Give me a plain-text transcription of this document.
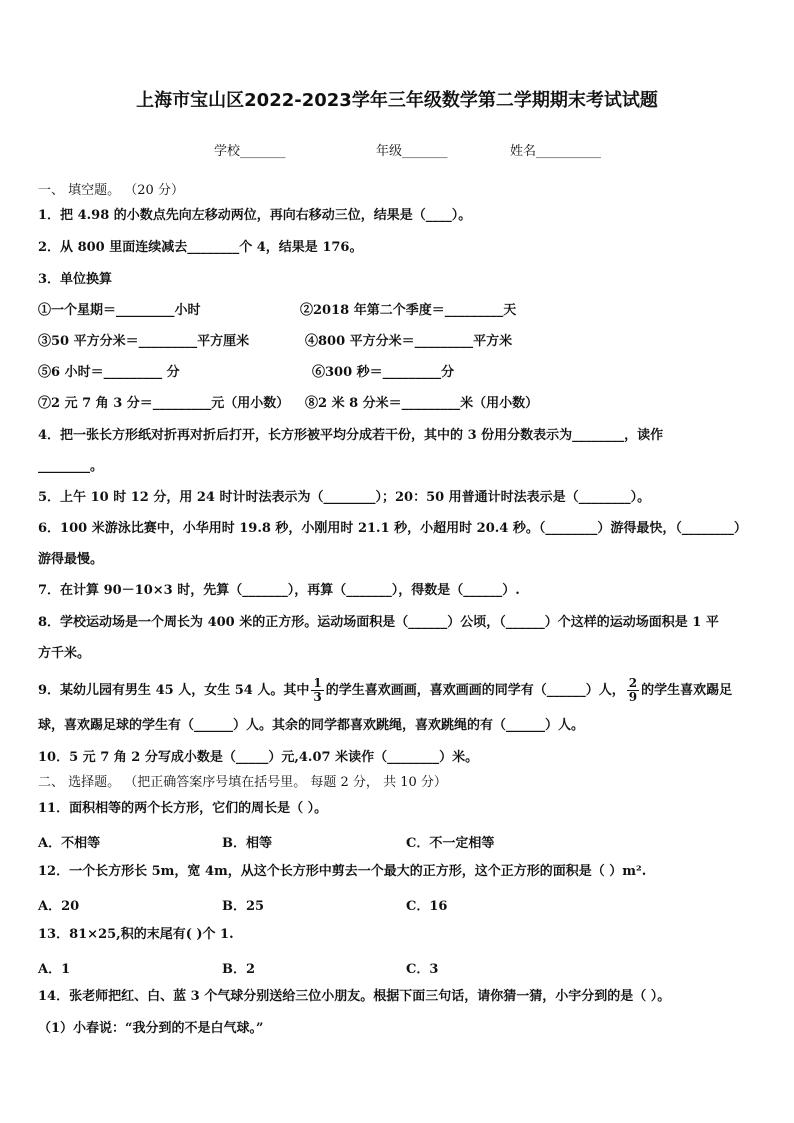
上海市宝山区2022-2023学年三年级数学第二学期期末考试试题
学校_______	年级_______	姓名__________
一、 填空题。 （20 分）
1．把 4.98 的小数点先向左移动两位，再向右移动三位，结果是（____）。
2．从 800 里面连续减去________个 4，结果是 176。
3．单位换算
①一个星期＝_________小时	②2018 年第二个季度＝_________天
③50 平方分米＝_________平方厘米	④800 平方分米＝_________平方米
⑤6 小时＝_________ 分	⑥300 秒＝_________分
⑦2 元 7 角 3 分＝_________元（用小数） ⑧2 米 8 分米＝_________米（用小数）
4．把一张长方形纸对折再对折后打开，长方形被平均分成若干份，其中的 3 份用分数表示为________，读作
________。
5．上午 10 时 12 分，用 24 时计时法表示为（________）；20：50 用普通计时法表示是（________）。
6．100 米游泳比赛中，小华用时 19.8 秒，小刚用时 21.1 秒，小超用时 20.4 秒。（________）游得最快，（________）
游得最慢。
7．在计算 90－10×3 时，先算（_______），再算（_______），得数是（______）.
8．学校运动场是一个周长为 400 米的正方形。运动场面积是（______）公顷，（______）个这样的运动场面积是 1 平
方千米。
9．某幼儿园有男生 45 人，女生 54 人。其中 $\frac{1}{3}$ 的学生喜欢画画，喜欢画画的同学有（______）人， $\frac{2}{9}$ 的学生喜欢踢足
球，喜欢踢足球的学生有（______）人。其余的同学都喜欢跳绳，喜欢跳绳的有（______）人。
10．5 元 7 角 2 分写成小数是（_____）元,4.07 米读作（________）米。
二、 选择题。 （把正确答案序号填在括号里。 每题 2 分， 共 10 分）
11．面积相等的两个长方形，它们的周长是（ ）。
A．不相等	B．相等	C．不一定相等
12．一个长方形长 5m，宽 4m，从这个长方形中剪去一个最大的正方形，这个正方形的面积是（ ）m².
A．20	B．25	C．16
13．81×25,积的末尾有( )个 1.
A．1	B．2	C．3
14．张老师把红、白、蓝 3 个气球分别送给三位小朋友。根据下面三句话，请你猜一猜，小宇分到的是（ ）。
（1）小春说：“我分到的不是白气球。”
